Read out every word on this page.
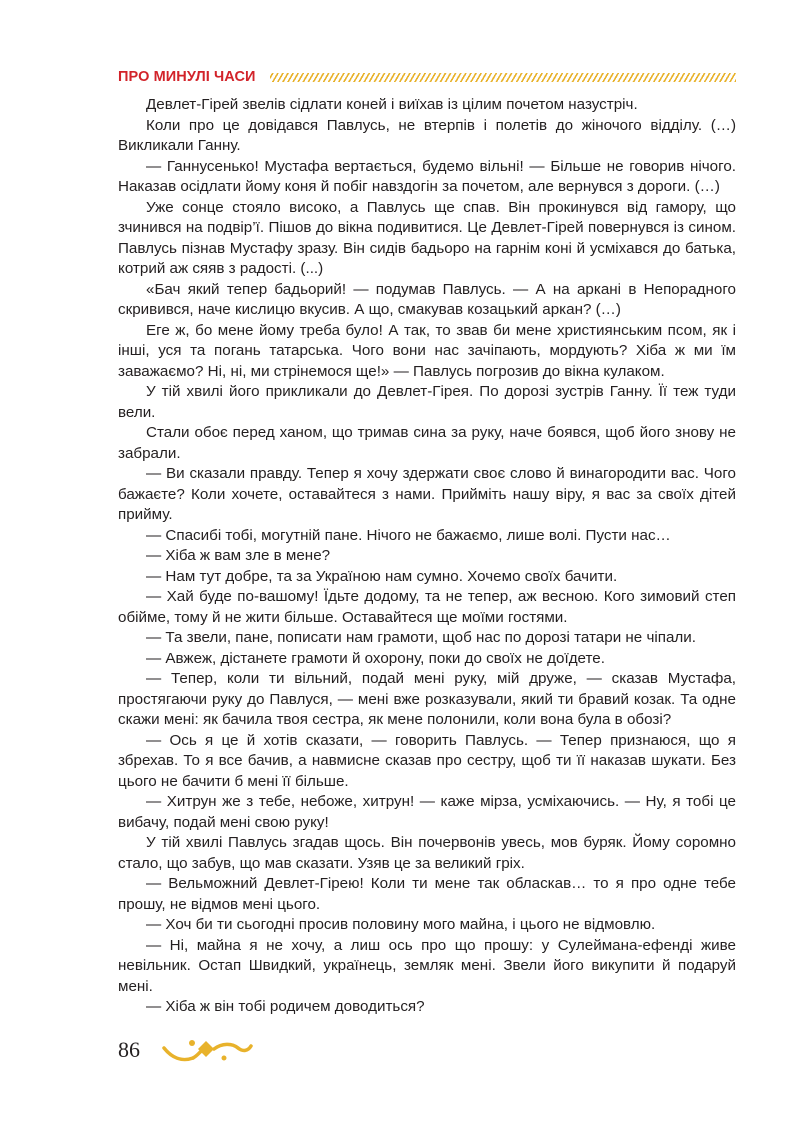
ПРО МИНУЛІ ЧАСИ

Девлет-Гірей звелів сідлати коней і виїхав із цілим почетом назустріч.

Коли про це довідався Павлусь, не втерпів і полетів до жіночого відділу. (…) Викликали Ганну.

— Ганнусенько! Мустафа вертається, будемо вільні! — Більше не говорив нічого. Наказав осідлати йому коня й побіг навздогін за почетом, але вернувся з дороги. (…)

Уже сонце стояло високо, а Павлусь ще спав. Він прокинувся від гамору, що зчинився на подвір’ї. Пішов до вікна подивитися. Це Девлет-Гірей повернувся із сином. Павлусь пізнав Мустафу зразу. Він сидів бадьоро на гарнім коні й усміхався до батька, котрий аж сяяв з радості. (...)

«Бач який тепер бадьорий! — подумав Павлусь. — А на аркані в Непорадного скривився, наче кислицю вкусив. А що, смакував козацький аркан? (…)

Еге ж, бо мене йому треба було! А так, то звав би мене християнським псом, як і інші, уся та погань татарська. Чого вони нас зачіпають, мордують? Хіба ж ми їм заважаємо? Ні, ні, ми стрінемося ще!» — Павлусь погрозив до вікна кулаком.

У тій хвилі його прикликали до Девлет-Гірея. По дорозі зустрів Ганну. Її теж туди вели.

Стали обоє перед ханом, що тримав сина за руку, наче боявся, щоб його знову не забрали.

— Ви сказали правду. Тепер я хочу здержати своє слово й винагородити вас. Чого бажаєте? Коли хочете, оставайтеся з нами. Прийміть нашу віру, я вас за своїх дітей прийму.

— Спасибі тобі, могутній пане. Нічого не бажаємо, лише волі. Пусти нас…

— Хіба ж вам зле в мене?

— Нам тут добре, та за Україною нам сумно. Хочемо своїх бачити.

— Хай буде по-вашому! Їдьте додому, та не тепер, аж весною. Кого зимовий степ обійме, тому й не жити більше. Оставайтеся ще моїми гостями.

— Та звели, пане, пописати нам грамоти, щоб нас по дорозі татари не чіпали.

— Авжеж, дістанете грамоти й охорону, поки до своїх не доїдете.

— Тепер, коли ти вільний, подай мені руку, мій друже, — сказав Мустафа, простягаючи руку до Павлуся, — мені вже розказували, який ти бравий козак. Та одне скажи мені: як бачила твоя сестра, як мене полонили, коли вона була в обозі?

— Ось я це й хотів сказати, — говорить Павлусь. — Тепер признаюся, що я збрехав. То я все бачив, а навмисне сказав про сестру, щоб ти її наказав шукати. Без цього не бачити б мені її більше.

— Хитрун же з тебе, небоже, хитрун! — каже мірза, усміхаючись. — Ну, я тобі це вибачу, подай мені свою руку!

У тій хвилі Павлусь згадав щось. Він почервонів увесь, мов буряк. Йому соромно стало, що забув, що мав сказати. Узяв це за великий гріх.

— Вельможний Девлет-Гірею! Коли ти мене так обласкав… то я про одне тебе прошу, не відмов мені цього.

— Хоч би ти сьогодні просив половину мого майна, і цього не відмовлю.

— Ні, майна я не хочу, а лиш ось про що прошу: у Сулеймана-ефенді живе невільник. Остап Швидкий, українець, земляк мені. Звели його викупити й подаруй мені.

— Хіба ж він тобі родичем доводиться?

86
